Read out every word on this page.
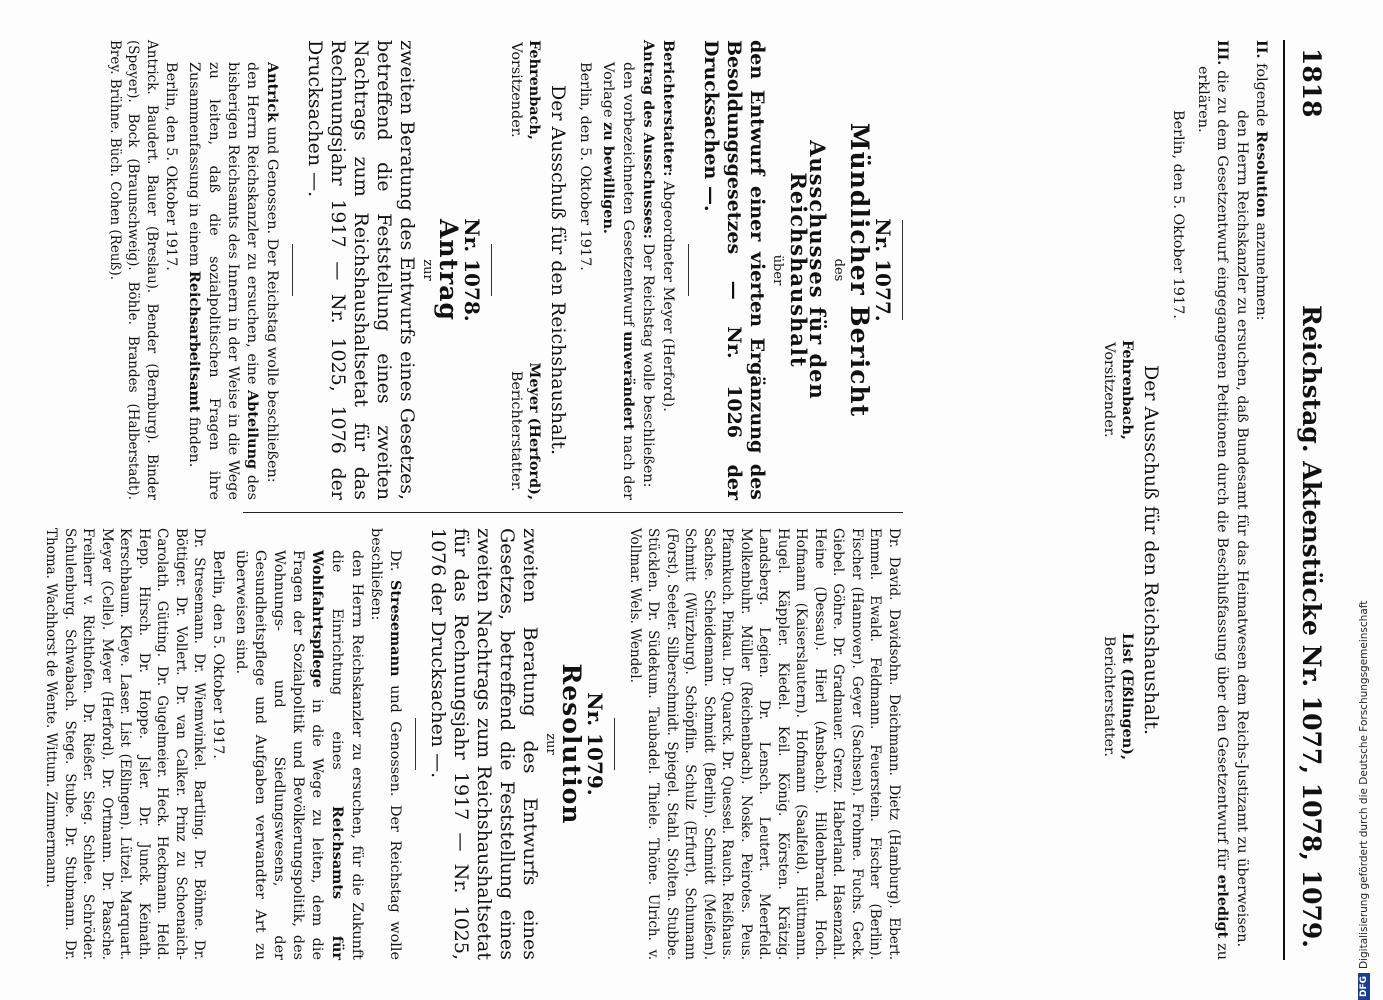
1818
Reichstag. Aktenstücke Nr. 1077, 1078, 1079.

II. folgende Resolution anzunehmen:

den Herrn Reichskanzler zu ersuchen, daß Bundesamt für das Heimatwesen dem Reichs-Justizamt zu überweisen.

III. die zu dem Gesetzentwurf eingegangenen Petitionen durch die Beschlußfassung über den Gesetzentwurf für erledigt zu erklären.

Berlin, den 5. Oktober 1917.

Der Ausschuß für den Reichshaushalt.
Fehrenbach,
Vorsitzender.
List (Eßlingen),
Berichterstatter.
Nr. 1077.
Mündlicher Bericht
des
Ausschusses für den Reichshaushalt
über

den Entwurf einer vierten Ergänzung des Besoldungsgesetzes — Nr. 1026 der Drucksachen —.

Berichterstatter: Abgeordneter Meyer (Herford).

Antrag des Ausschusses: Der Reichstag wolle beschließen:

den vorbezeichneten Gesetzentwurf unverändert nach der Vorlage zu bewilligen.

Berlin, den 5. Oktober 1917.

Der Ausschuß für den Reichshaushalt.
Fehrenbach,
Vorsitzender.
Meyer (Herford),
Berichterstatter.
Nr. 1078.
Antrag
zur

zweiten Beratung des Entwurfs eines Gesetzes, betreffend die Feststellung eines zweiten Nachtrags zum Reichshaushaltsetat für das Rechnungsjahr 1917 — Nr. 1025, 1076 der Drucksachen —.

Antrick und Genossen. Der Reichstag wolle beschließen:

den Herrn Reichskanzler zu ersuchen, eine Abteilung des bisherigen Reichsamts des Innern in der Weise in die Wege zu leiten, daß die sozialpolitischen Fragen ihre Zusammenfassung in einem Reichsarbeitsamt finden.

Berlin, den 5. Oktober 1917.

Antrick. Baudert. Bauer (Breslau). Bender (Bernburg). Binder (Speyer). Bock (Braunschweig). Böhle. Brandes (Halberstadt). Brey. Brühne. Büch. Cohen (Reuß).

Dr. David. Davidsohn. Deichmann. Dietz (Hamburg). Ebert. Emmel. Ewald. Feldmann. Feuerstein. Fischer (Berlin). Fischer (Hannover). Geyer (Sachsen). Frohme. Fuchs. Geck. Giebel. Göhre. Dr. Gradnauer. Grenz. Haberland. Hasenzahl. Heine (Dessau). Hierl (Ansbach). Hildenbrand. Hoch. Hofmann (Kaiserslautern). Hofmann (Saalfeld). Hüttmann. Hugel. Käppler. Kiedel. Keil. König. Körsten. Krätzig. Landsberg. Legien. Dr. Lensch. Leutert. Meerfeld. Molkenbuhr. Müller (Reichenbach). Noske. Peirotes. Peus. Pfannkuch. Pinkau. Dr. Quarck. Dr. Quessel. Rauch. Reißhaus. Sachse. Scheidemann. Schmidt (Berlin). Schmidt (Meißen). Schmitt (Würzburg). Schöpflin. Schulz (Erfurt). Schumann (Forst). Seeler. Silberschmidt. Spiegel. Stahl. Stolten. Stubbe. Stücklen. Dr. Südekum. Taubadel. Thiele. Thöne. Ulrich. v. Vollmar. Wels. Wendel.

Nr. 1079.
Resolution
zur

zweiten Beratung des Entwurfs eines Gesetzes, betreffend die Feststellung eines zweiten Nachtrags zum Reichshaushaltsetat für das Rechnungsjahr 1917 — Nr. 1025, 1076 der Drucksachen —.

Dr. Stresemann und Genossen. Der Reichstag wolle beschließen:

den Herrn Reichskanzler zu ersuchen, für die Zukunft die Einrichtung eines Reichsamts für Wohlfahrtspflege in die Wege zu leiten, dem die Fragen der Sozialpolitik und Bevölkerungspolitik, des Wohnungs- und Siedlungswesens, der Gesundheitspflege und Aufgaben verwandter Art zu überweisen sind.

Berlin, den 5. Oktober 1917.

Dr. Stresemann. Dr. Wiemwinkel. Bartling. Dr. Böhme. Dr. Böttiger. Dr. Vollert. Dr. van Calker. Prinz zu Schoenaich-Carolath. Gütting. Dr. Gugelmeier. Heck. Heckmann. Held. Hepp. Hirsch. Dr. Hoppe. Jsler. Dr. Junck. Keinath. Kerschbaum. Kleye. Laser. List (Eßlingen). Lützel. Marquart. Meyer (Celle). Meyer (Herford). Dr. Ortmann. Dr. Paasche. Freiherr v. Richthofen. Dr. Rießer. Sieg. Schlee. Schröder. Schulenburg. Schwabach. Stege. Stube. Dr. Stubmann. Dr. Thoma. Wachhorst de Wente. Wittum. Zimmermann.

DFGDigitalisierung gefördert durch die Deutsche Forschungsgemeinschaft
